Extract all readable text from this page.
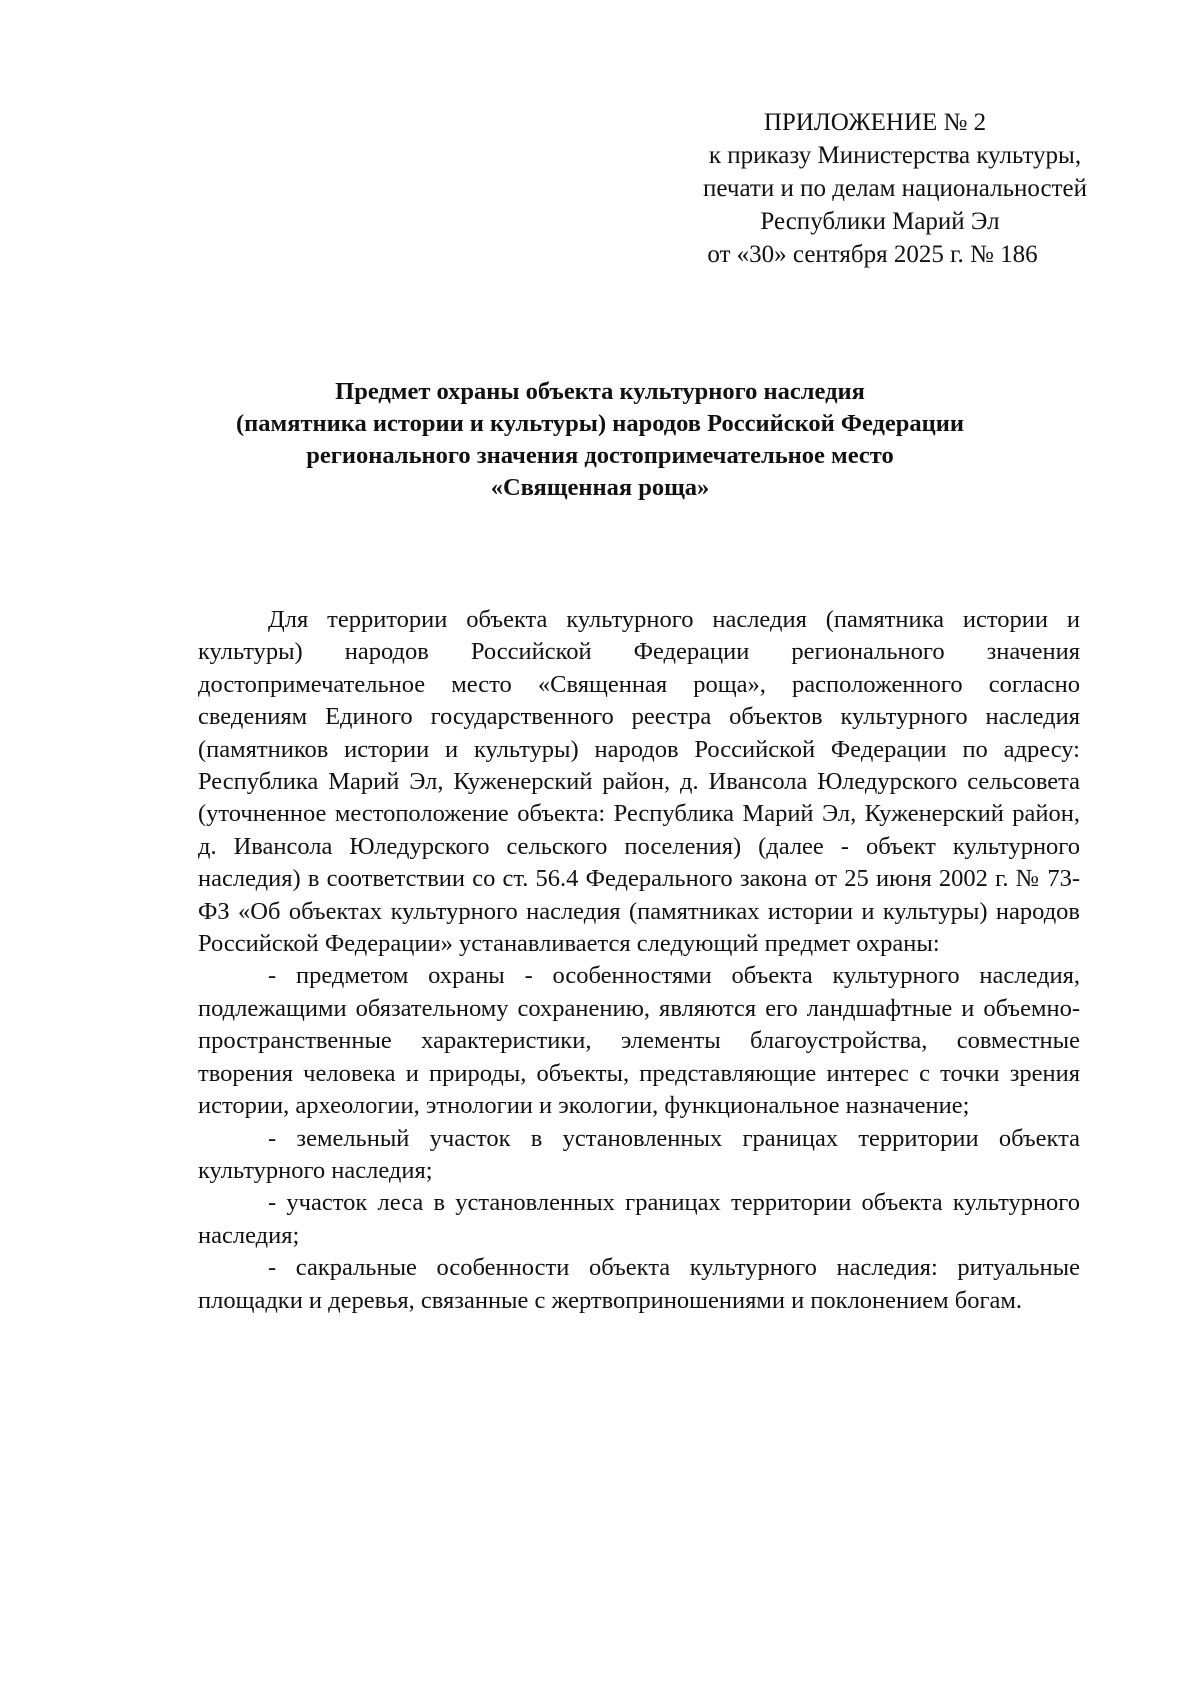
ПРИЛОЖЕНИЕ № 2
к приказу Министерства культуры,
печати и по делам национальностей
Республики Марий Эл
от «30» сентября 2025 г. № 186
Предмет охраны объекта культурного наследия
(памятника истории и культуры) народов Российской Федерации
регионального значения достопримечательное место
«Священная роща»

Для территории объекта культурного наследия (памятника истории и культуры) народов Российской Федерации регионального значения достопримечательное место «Священная роща», расположенного согласно сведениям Единого государственного реестра объектов культурного наследия (памятников истории и культуры) народов Российской Федерации по адресу: Республика Марий Эл, Куженерский район, д. Ивансола Юледурского сельсовета (уточненное местоположение объекта: Республика Марий Эл, Куженерский район, д. Ивансола Юледурского сельского поселения) (далее - объект культурного наследия) в соответствии со ст. 56.4 Федерального закона от 25 июня 2002 г. № 73-ФЗ «Об объектах культурного наследия (памятниках истории и культуры) народов Российской Федерации» устанавливается следующий предмет охраны:

- предметом охраны - особенностями объекта культурного наследия, подлежащими обязательному сохранению, являются его ландшафтные и объемно-пространственные характеристики, элементы благоустройства, совместные творения человека и природы, объекты, представляющие интерес с точки зрения истории, археологии, этнологии и экологии, функциональное назначение;

- земельный участок в установленных границах территории объекта культурного наследия;

- участок леса в установленных границах территории объекта культурного наследия;

- сакральные особенности объекта культурного наследия: ритуальные площадки и деревья, связанные с жертвоприношениями и поклонением богам.
